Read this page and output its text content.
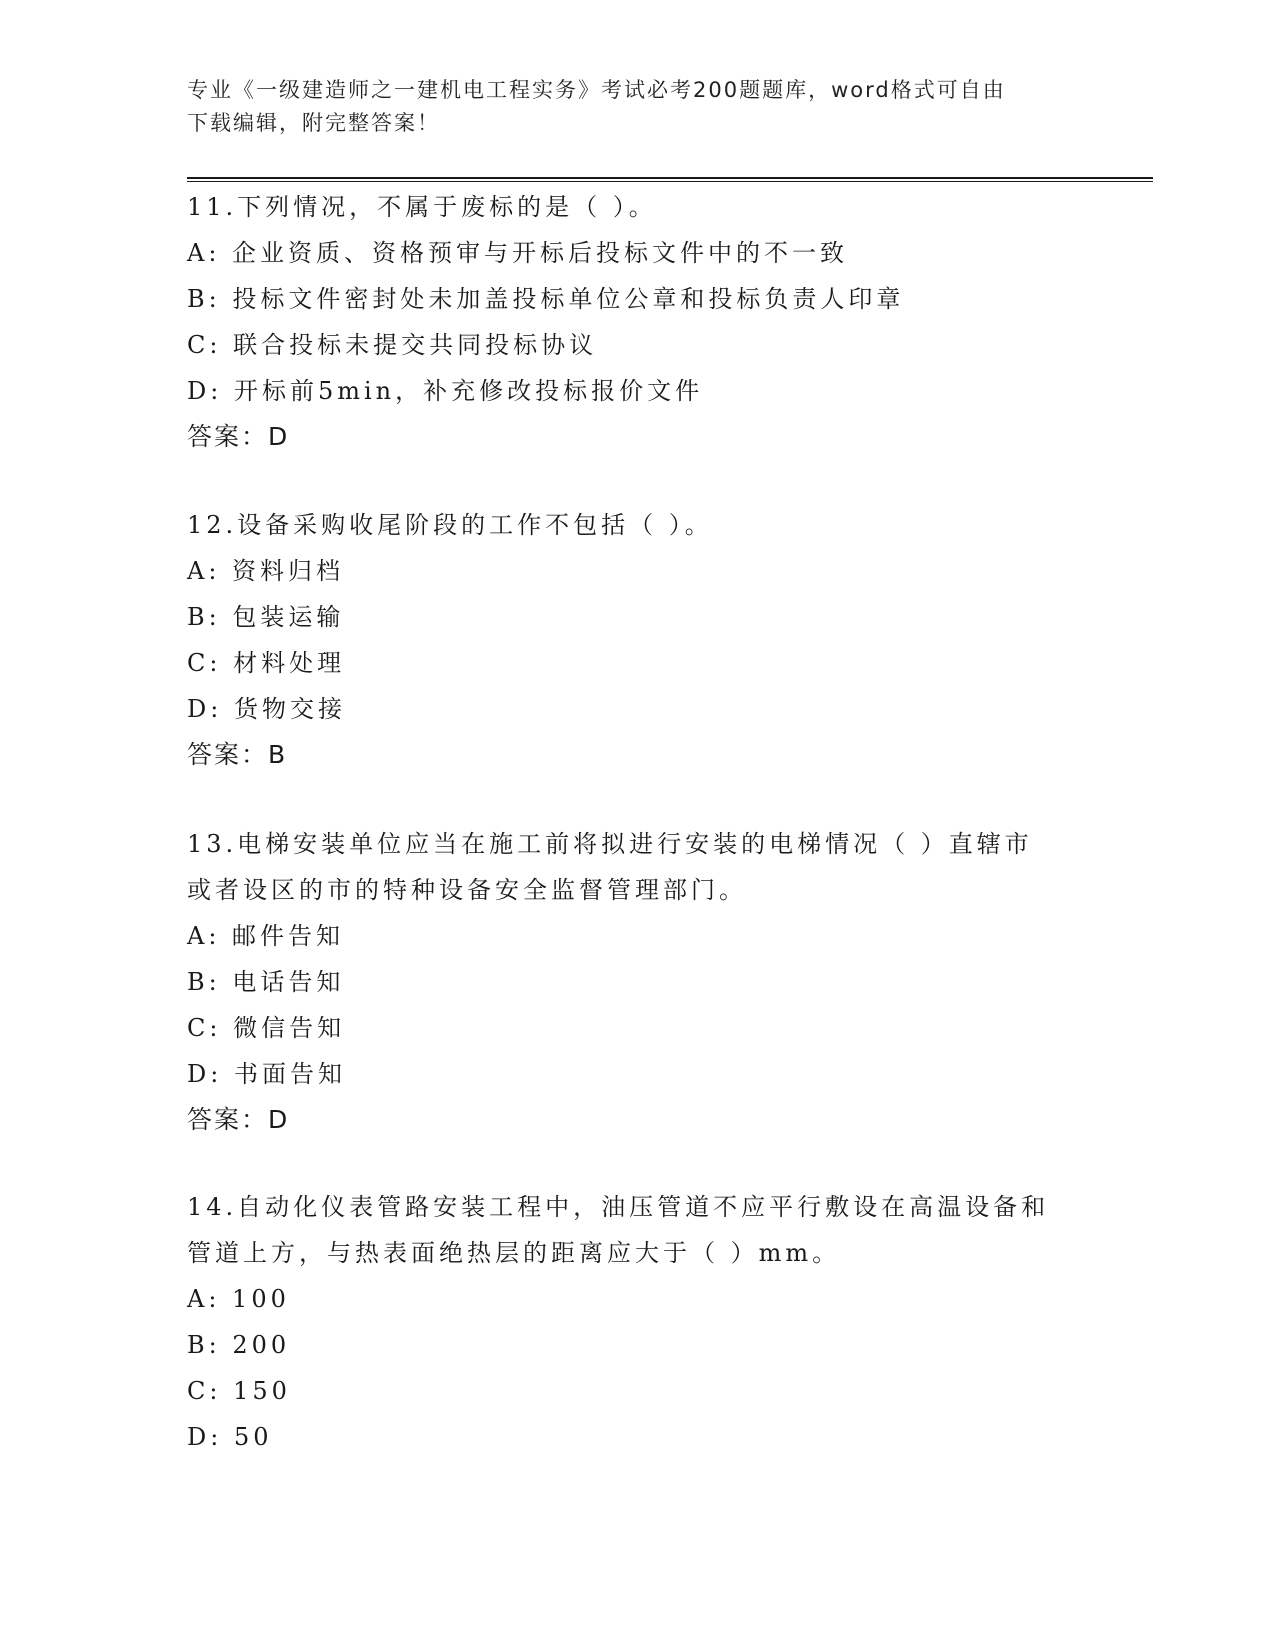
专业《一级建造师之一建机电工程实务》考试必考200题题库，word格式可自由
下载编辑，附完整答案！
11.下列情况，不属于废标的是（ ）。
A: 企业资质、资格预审与开标后投标文件中的不一致
B: 投标文件密封处未加盖投标单位公章和投标负责人印章
C: 联合投标未提交共同投标协议
D: 开标前5min，补充修改投标报价文件
答案：D
12.设备采购收尾阶段的工作不包括（ ）。
A: 资料归档
B: 包装运输
C: 材料处理
D: 货物交接
答案：B
13.电梯安装单位应当在施工前将拟进行安装的电梯情况（ ）直辖市
或者设区的市的特种设备安全监督管理部门。
A: 邮件告知
B: 电话告知
C: 微信告知
D: 书面告知
答案：D
14.自动化仪表管路安装工程中，油压管道不应平行敷设在高温设备和
管道上方，与热表面绝热层的距离应大于（ ）mm。
A: 100
B: 200
C: 150
D: 50
